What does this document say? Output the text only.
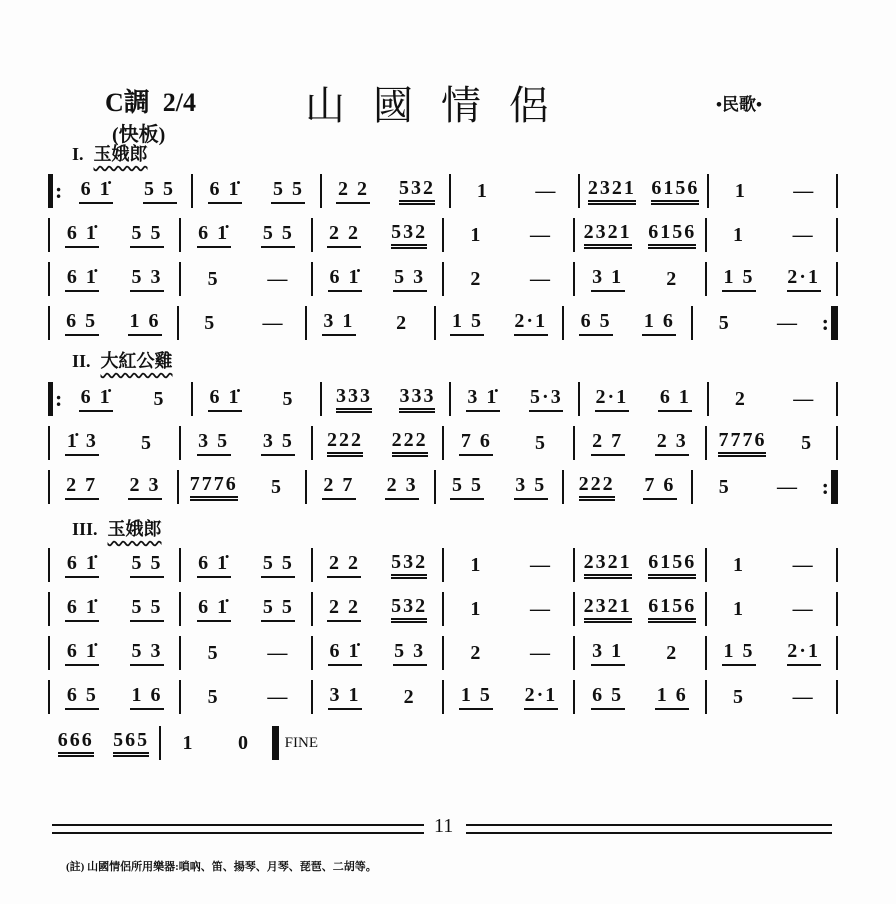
C調 2/4
(快板)
山國情侶	•民歌•
I. 玉娥郎
: 6 1̇ 5 5 6 1̇ 5 5 2 2 532	1	—	2321 6156	1	—
6 1̇ 5 5 6 1̇ 5 5 2 2 532	1	—	2321 6156	1	—
6 1̇ 5 3	5	—	6 1̇ 5 3	2	—	3 1	2	1 5 2·1
6 5 1 6	5	—	3 1	2	1 5 2·1 6 5 1 6	5	— :
II. 大紅公雞
: 6 1̇	5	6 1̇	5	333 333 3 1̇ 5·3 2·1 6 1	2	—
1̇ 3	5	3 5 3 5 222 222 7 6	5	2 7 2 3 7776	5
2 7 2 3 7776	5	2 7 2 3 5 5 3 5 222 7 6	5	— :
III. 玉娥郎
6 1̇ 5 5 6 1̇ 5 5 2 2 532	1	—	2321 6156	1	—
6 1̇ 5 5 6 1̇ 5 5 2 2 532	1	—	2321 6156	1	—
6 1̇ 5 3	5	—	6 1̇ 5 3	2	—	3 1	2	1 5 2·1
6 5 1 6	5	—	3 1	2	1 5 2·1 6 5 1 6	5	—
666 565	1	0	FINE
11
(註) 山國情侶所用樂器:嗩吶、笛、揚琴、月琴、琵琶、二胡等。
